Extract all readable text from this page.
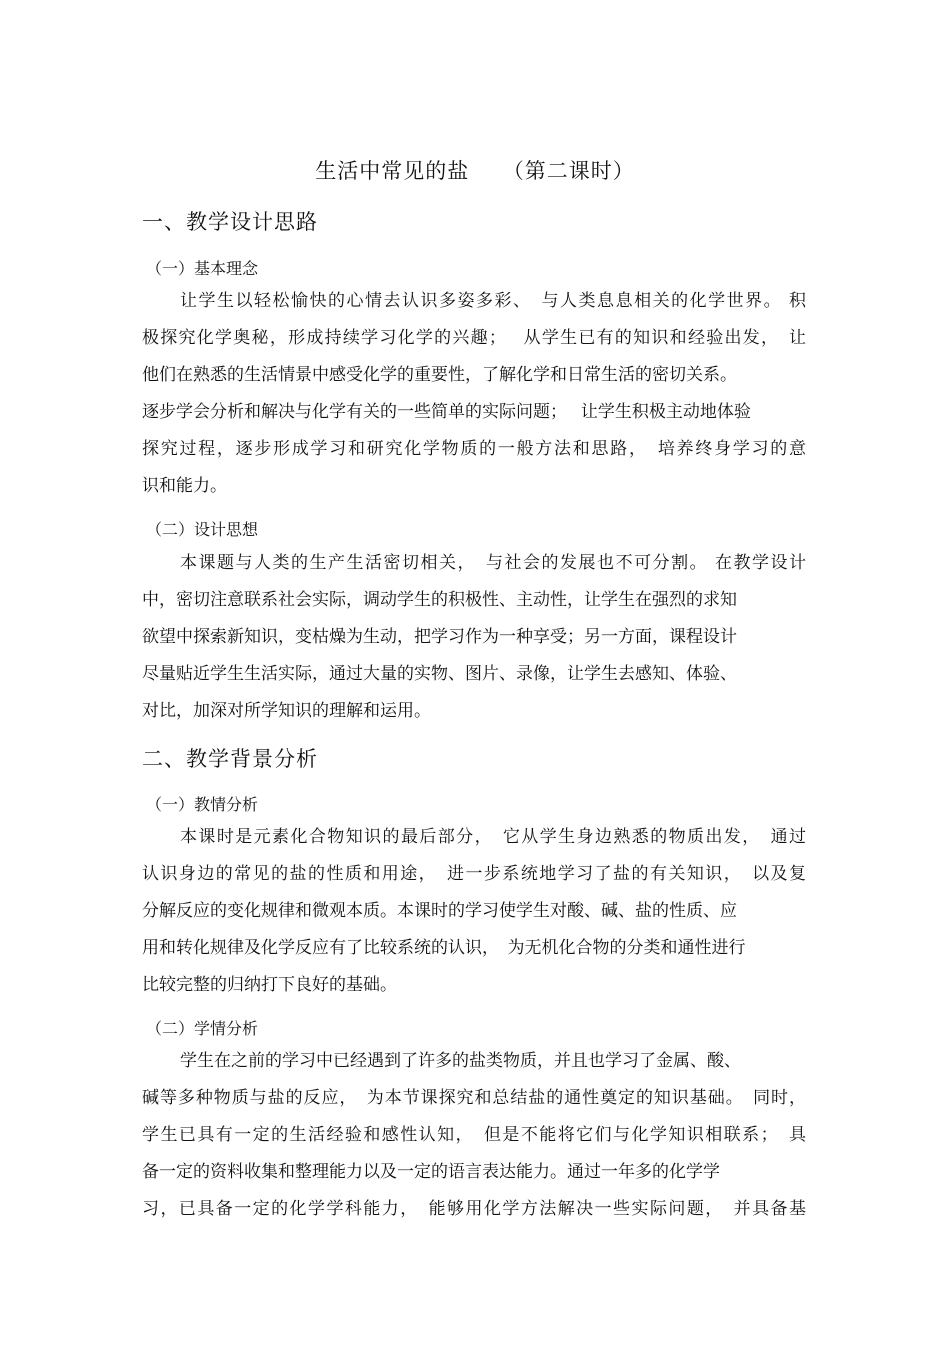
生活中常见的盐　　（第二课时）
一、教学设计思路
（一）基本理念
让学生以轻松愉快的心情去认识多姿多彩、　与人类息息相关的化学世界。 积
极探究化学奥秘，形成持续学习化学的兴趣；　 从学生已有的知识和经验出发，　让
他们在熟悉的生活情景中感受化学的重要性，了解化学和日常生活的密切关系。
逐步学会分析和解决与化学有关的一些简单的实际问题；　 让学生积极主动地体验
探究过程，逐步形成学习和研究化学物质的一般方法和思路，　培养终身学习的意
识和能力。
（二）设计思想
本课题与人类的生产生活密切相关，　与社会的发展也不可分割。 在教学设计
中，密切注意联系社会实际，调动学生的积极性、主动性，让学生在强烈的求知
欲望中探索新知识，变枯燥为生动，把学习作为一种享受；另一方面，课程设计
尽量贴近学生生活实际，通过大量的实物、图片、录像，让学生去感知、体验、
对比，加深对所学知识的理解和运用。
二、教学背景分析
（一）教情分析
本课时是元素化合物知识的最后部分，　它从学生身边熟悉的物质出发，　通过
认识身边的常见的盐的性质和用途，　进一步系统地学习了盐的有关知识，　以及复
分解反应的变化规律和微观本质。本课时的学习使学生对酸、碱、盐的性质、应
用和转化规律及化学反应有了比较系统的认识，　为无机化合物的分类和通性进行
比较完整的归纳打下良好的基础。
（二）学情分析
学生在之前的学习中已经遇到了许多的盐类物质，并且也学习了金属、酸、
碱等多种物质与盐的反应，　为本节课探究和总结盐的通性奠定的知识基础。　同时，
学生已具有一定的生活经验和感性认知，　但是不能将它们与化学知识相联系；　具
备一定的资料收集和整理能力以及一定的语言表达能力。通过一年多的化学学
习，已具备一定的化学学科能力，　能够用化学方法解决一些实际问题，　并具备基
